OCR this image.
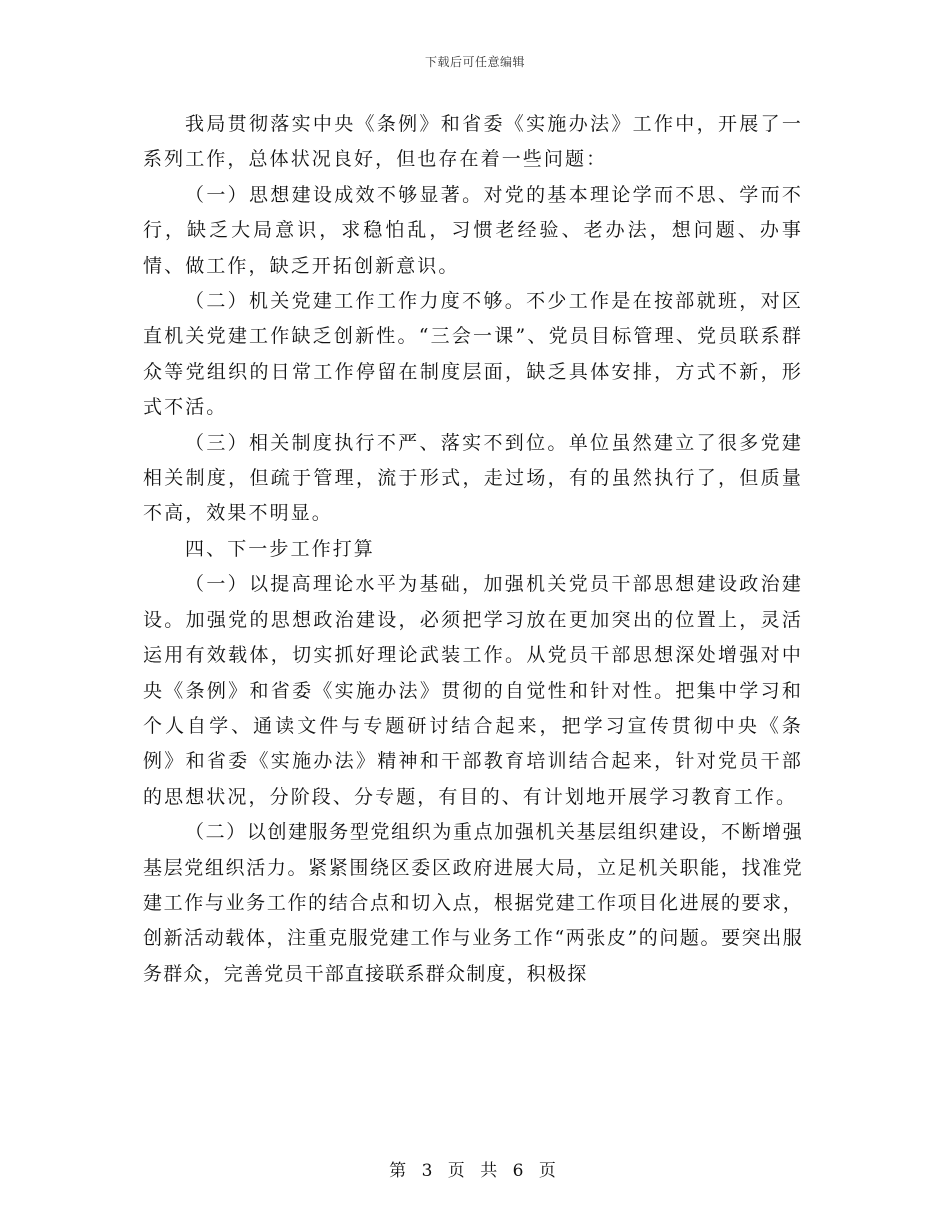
下载后可任意编辑

我局贯彻落实中央《条例》和省委《实施办法》工作中，开展了一系列工作，总体状况良好，但也存在着一些问题：

（一）思想建设成效不够显著。对党的基本理论学而不思、学而不行，缺乏大局意识，求稳怕乱，习惯老经验、老办法，想问题、办事情、做工作，缺乏开拓创新意识。

（二）机关党建工作工作力度不够。不少工作是在按部就班，对区直机关党建工作缺乏创新性。“三会一课”、党员目标管理、党员联系群众等党组织的日常工作停留在制度层面，缺乏具体安排，方式不新，形式不活。

（三）相关制度执行不严、落实不到位。单位虽然建立了很多党建相关制度，但疏于管理，流于形式，走过场，有的虽然执行了，但质量不高，效果不明显。

四、下一步工作打算

（一）以提高理论水平为基础，加强机关党员干部思想建设政治建设。加强党的思想政治建设，必须把学习放在更加突出的位置上，灵活运用有效载体，切实抓好理论武装工作。从党员干部思想深处增强对中央《条例》和省委《实施办法》贯彻的自觉性和针对性。把集中学习和个人自学、通读文件与专题研讨结合起来，把学习宣传贯彻中央《条例》和省委《实施办法》精神和干部教育培训结合起来，针对党员干部的思想状况，分阶段、分专题，有目的、有计划地开展学习教育工作。

（二）以创建服务型党组织为重点加强机关基层组织建设，不断增强基层党组织活力。紧紧围绕区委区政府进展大局，立足机关职能，找准党建工作与业务工作的结合点和切入点，根据党建工作项目化进展的要求，创新活动载体，注重克服党建工作与业务工作“两张皮”的问题。要突出服务群众，完善党员干部直接联系群众制度，积极探

第 3 页 共 6 页
